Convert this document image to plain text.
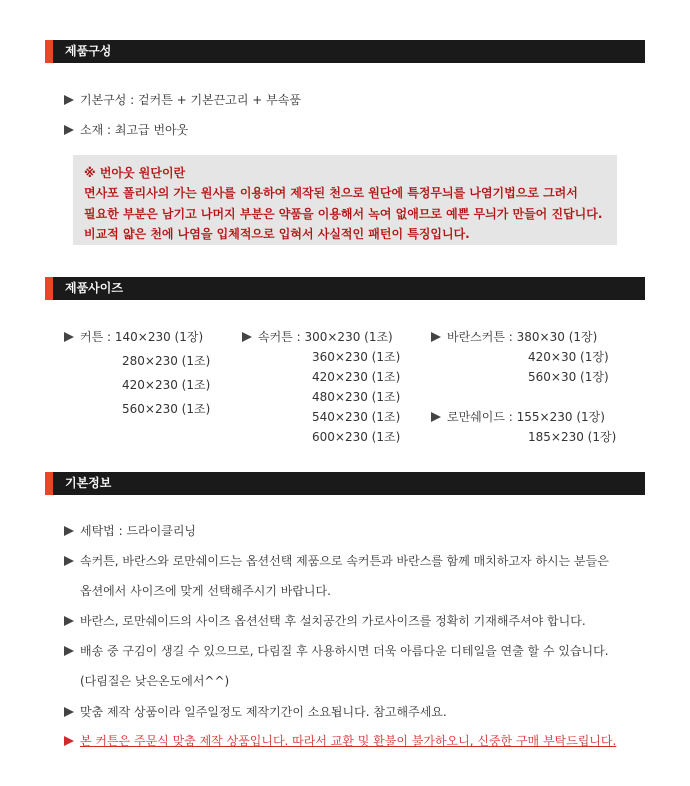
제품구성
기본구성 : 겉커튼 + 기본끈고리 + 부속품
소재 : 최고급 번아웃
※ 번아웃 원단이란
면사포 폴리사의 가는 원사를 이용하여 제작된 천으로 원단에 특정무늬를 나염기법으로 그려서
필요한 부분은 남기고 나머지 부분은 약품을 이용해서 녹여 없애므로 예쁜 무늬가 만들어 진답니다.
비교적 얇은 천에 나염을 입체적으로 입혀서 사실적인 패턴이 특징입니다.
제품사이즈
커튼 : 140×230 (1장)
280×230 (1조)
420×230 (1조)
560×230 (1조)
속커튼 : 300×230 (1조)
360×230 (1조)
420×230 (1조)
480×230 (1조)
540×230 (1조)
600×230 (1조)
바란스커튼 : 380×30 (1장)
420×30 (1장)
560×30 (1장)
로만쉐이드 : 155×230 (1장)
185×230 (1장)
기본정보
세탁법 : 드라이클리닝
속커튼, 바란스와 로만쉐이드는 옵션선택 제품으로 속커튼과 바란스를 함께 매치하고자 하시는 분들은
옵션에서 사이즈에 맞게 선택해주시기 바랍니다.
바란스, 로만쉐이드의 사이즈 옵션선택 후 설치공간의 가로사이즈를 정확히 기재해주셔야 합니다.
배송 중 구김이 생길 수 있으므로, 다림질 후 사용하시면 더욱 아름다운 디테일을 연출 할 수 있습니다.
(다림질은 낮은온도에서^^)
맞춤 제작 상품이라 일주일정도 제작기간이 소요됩니다. 참고해주세요.
본 커튼은 주문식 맞춤 제작 상품입니다. 따라서 교환 및 환불이 불가하오니, 신중한 구매 부탁드립니다.
